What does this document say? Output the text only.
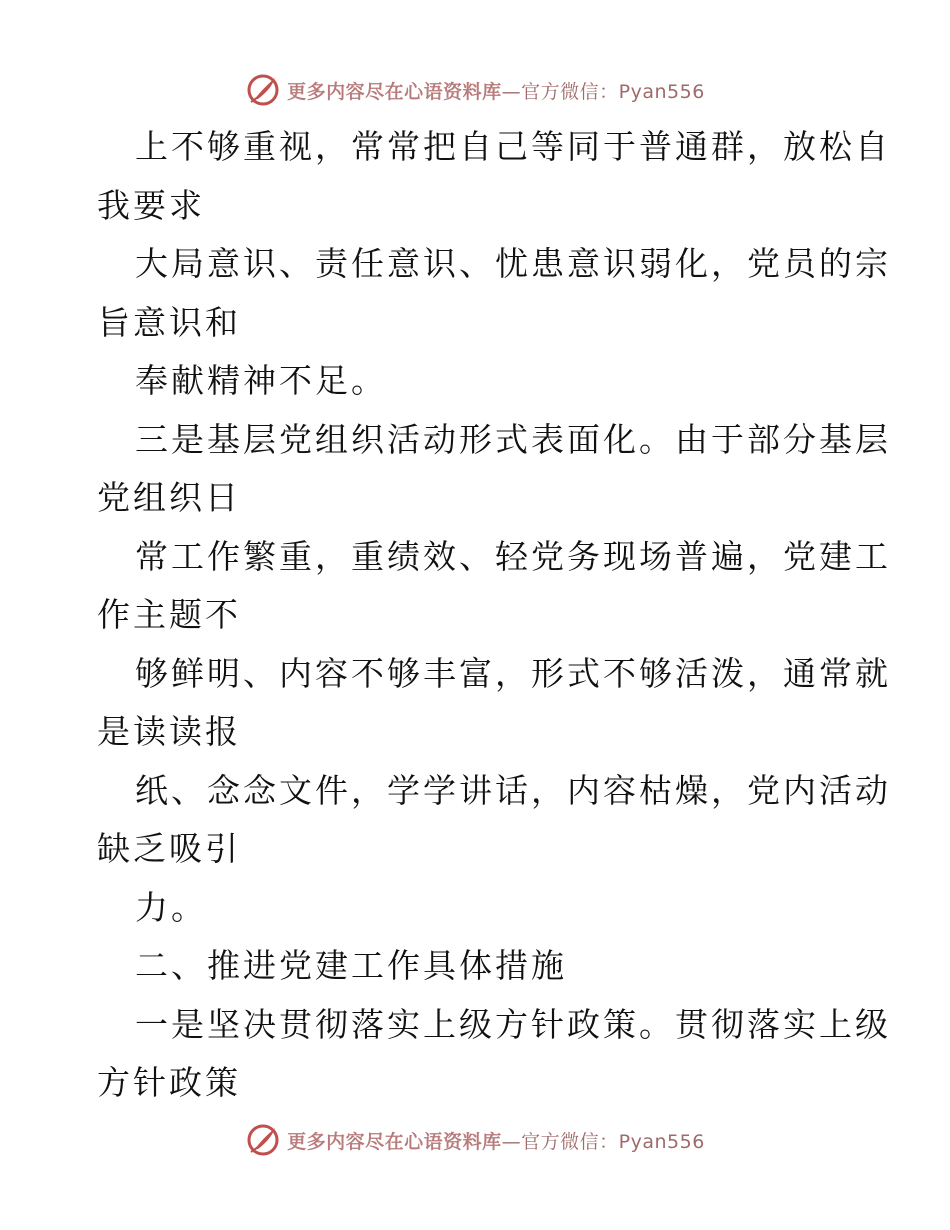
更多内容尽在心语资料库—官方微信：Pyan556
上不够重视，常常把自己等同于普通群，放松自
我要求
大局意识、责任意识、忧患意识弱化，党员的宗
旨意识和
奉献精神不足。
三是基层党组织活动形式表面化。由于部分基层
党组织日
常工作繁重，重绩效、轻党务现场普遍，党建工
作主题不
够鲜明、内容不够丰富，形式不够活泼，通常就
是读读报
纸、念念文件，学学讲话，内容枯燥，党内活动
缺乏吸引
力。
二、推进党建工作具体措施
一是坚决贯彻落实上级方针政策。贯彻落实上级
方针政策
更多内容尽在心语资料库—官方微信：Pyan556
